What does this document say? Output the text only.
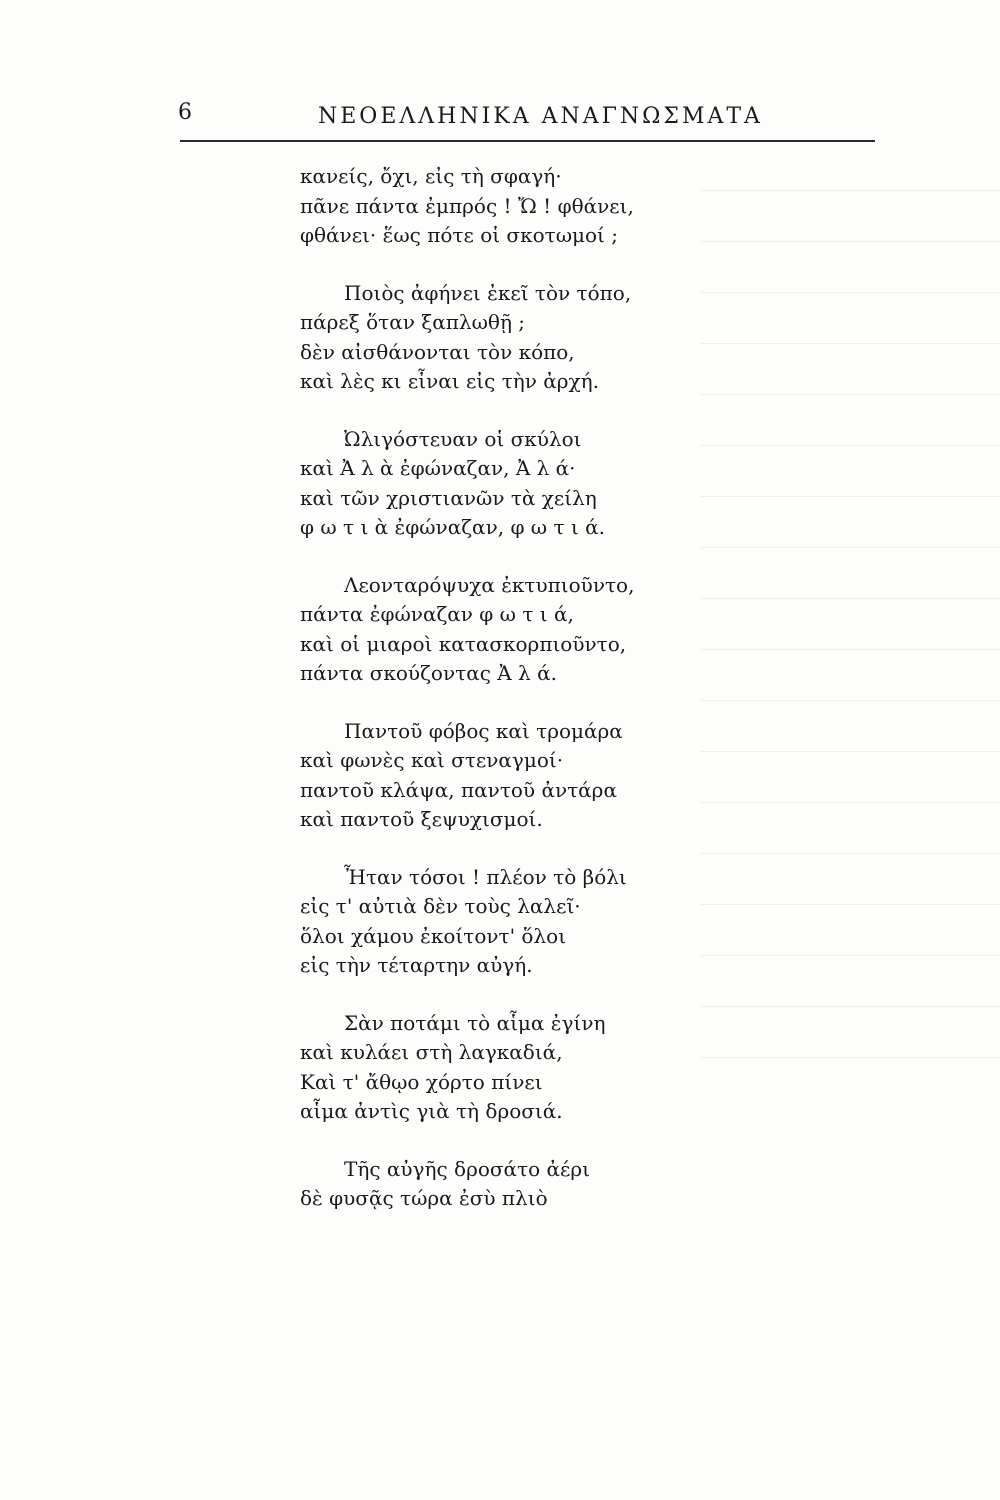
6	ΝΕΟΕΛΛΗΝΙΚΑ ΑΝΑΓΝΩΣΜΑΤΑ
κανείς, ὄχι, εἰς τὴ σφαγή·
πᾶνε πάντα ἐμπρός ! Ὤ ! φθάνει,
φθάνει· ἕως πότε οἱ σκοτωμοί ;
Ποιὸς ἀφήνει ἐκεῖ τὸν τόπο,
πάρεξ ὅταν ξαπλωθῇ ;
δὲν αἰσθάνονται τὸν κόπο,
καὶ λὲς κι εἶναι εἰς τὴν ἀρχή.
Ὠλιγόστευαν οἱ σκύλοι
καὶ Ἀ λ ὰ ἐφώναζαν, Ἀ λ ά·
καὶ τῶν χριστιανῶν τὰ χείλη
φ ω τ ι ὰ ἐφώναζαν, φ ω τ ι ά.
Λεονταρόψυχα ἐκτυπιοῦντο,
πάντα ἐφώναζαν φ ω τ ι ά,
καὶ οἱ μιαροὶ κατασκορπιοῦντο,
πάντα σκούζοντας Ἀ λ ά.
Παντοῦ φόβος καὶ τρομάρα
καὶ φωνὲς καὶ στεναγμοί·
παντοῦ κλάψα, παντοῦ ἀντάρα
καὶ παντοῦ ξεψυχισμοί.
Ἦταν τόσοι ! πλέον τὸ βόλι
εἰς τ' αὐτιὰ δὲν τοὺς λαλεῖ·
ὅλοι χάμου ἐκοίτοντ' ὅλοι
εἰς τὴν τέταρτην αὐγή.
Σὰν ποτάμι τὸ αἷμα ἐγίνη
καὶ κυλάει στὴ λαγκαδιά,
Καὶ τ' ἄθῳο χόρτο πίνει
αἷμα ἀντὶς γιὰ τὴ δροσιά.
Τῆς αὐγῆς δροσάτο ἀέρι
δὲ φυσᾷς τώρα ἐσὺ πλιὸ
